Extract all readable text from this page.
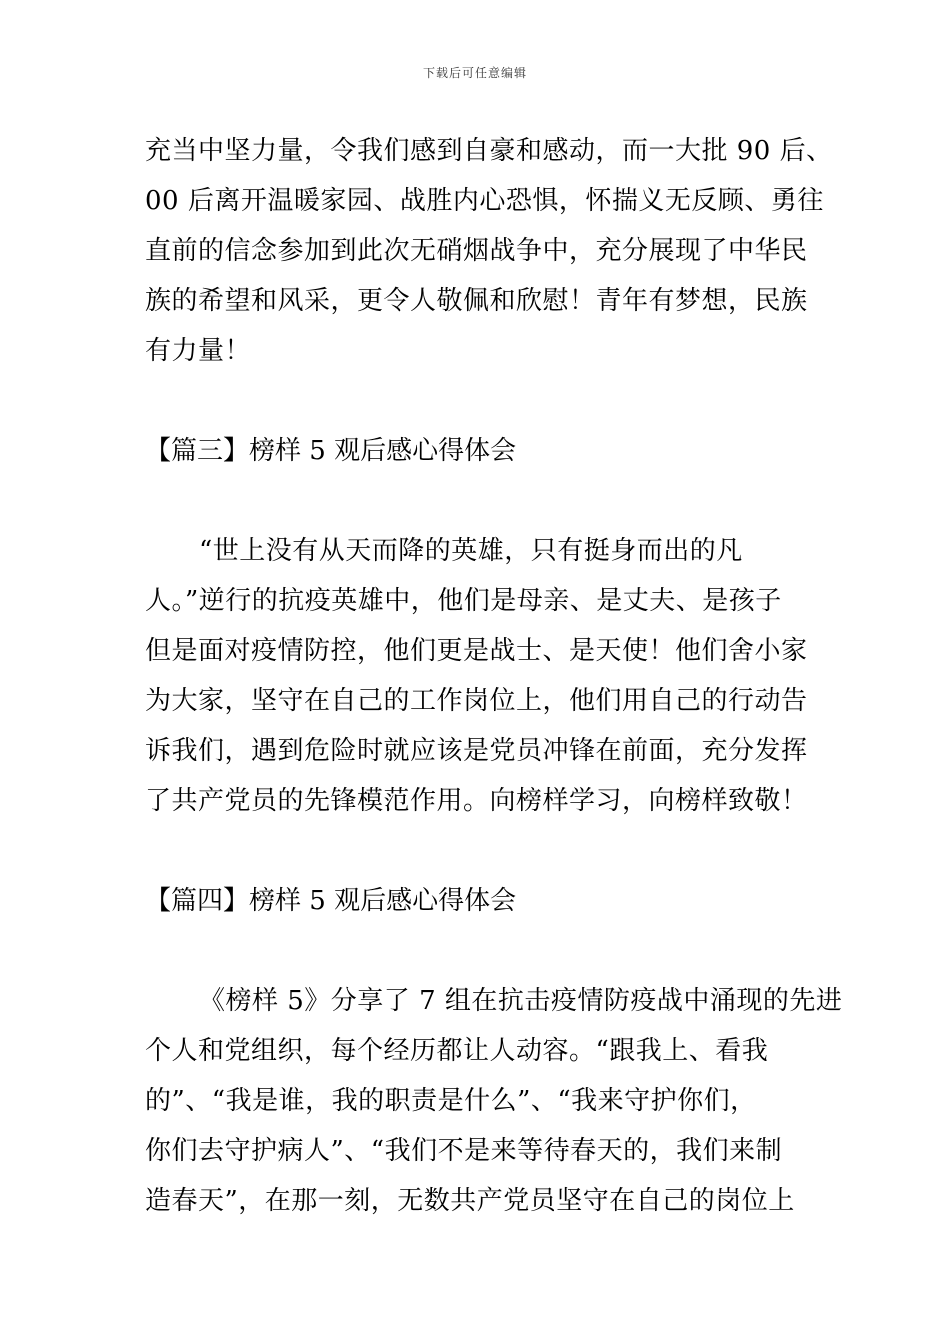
下载后可任意编辑
充当中坚力量，令我们感到自豪和感动，而一大批 90 后、
00 后离开温暖家园、战胜内心恐惧，怀揣义无反顾、勇往
直前的信念参加到此次无硝烟战争中，充分展现了中华民
族的希望和风采，更令人敬佩和欣慰！青年有梦想，民族
有力量！
【篇三】榜样 5 观后感心得体会
“世上没有从天而降的英雄，只有挺身而出的凡
人。”逆行的抗疫英雄中，他们是母亲、是丈夫、是孩子
但是面对疫情防控，他们更是战士、是天使！他们舍小家
为大家，坚守在自己的工作岗位上，他们用自己的行动告
诉我们，遇到危险时就应该是党员冲锋在前面，充分发挥
了共产党员的先锋模范作用。向榜样学习，向榜样致敬！
【篇四】榜样 5 观后感心得体会
《榜样 5》分享了 7 组在抗击疫情防疫战中涌现的先进
个人和党组织，每个经历都让人动容。“跟我上、看我
的”、“我是谁，我的职责是什么”、“我来守护你们，
你们去守护病人”、“我们不是来等待春天的，我们来制
造春天”，在那一刻，无数共产党员坚守在自己的岗位上
